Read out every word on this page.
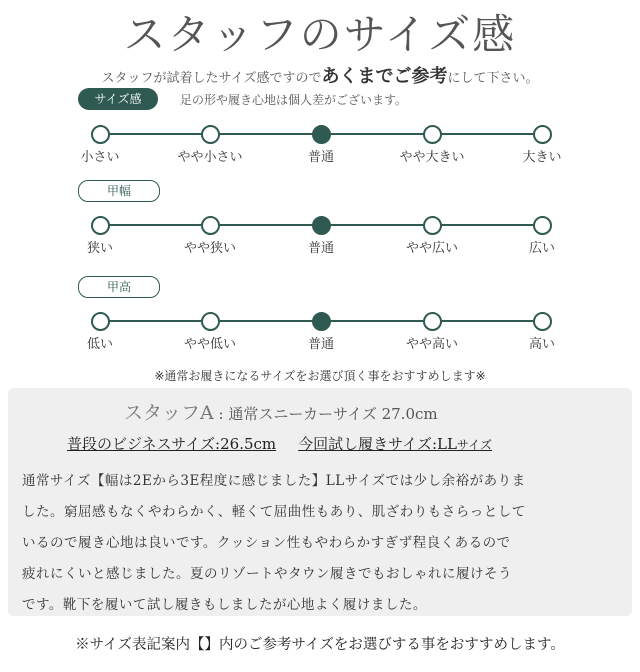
スタッフのサイズ感
スタッフが試着したサイズ感ですのであくまでご参考にして下さい。
サイズ感	足の形や履き心地は個人差がございます。
小さい	やや小さい	普通	やや大きい	大きい
甲幅
狭い	やや狭い	普通	やや広い	広い
甲高
低い	やや低い	普通	やや高い	高い
※通常お履きになるサイズをお選び頂く事をおすすめします※
スタッフA : 通常スニーカーサイズ 27.0cm
普段のビジネスサイズ:26.5cm 今回試し履きサイズ:LLサイズ
通常サイズ【幅は2Eから3E程度に感じました】LLサイズでは少し余裕がありま
した。窮屈感もなくやわらかく、軽くて屈曲性もあり、肌ざわりもさらっとして
いるので履き心地は良いです。クッション性もやわらかすぎず程良くあるので
疲れにくいと感じました。夏のリゾートやタウン履きでもおしゃれに履けそう
です。靴下を履いて試し履きもしましたが心地よく履けました。
※サイズ表記案内【】内のご参考サイズをお選びする事をおすすめします。
